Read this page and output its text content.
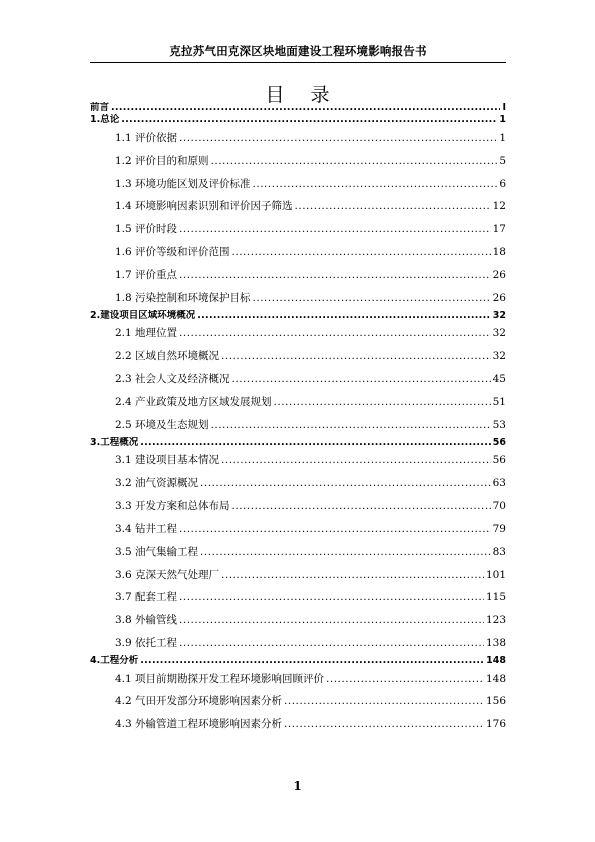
克拉苏气田克深区块地面建设工程环境影响报告书
目录
前言 .....	I
1.总论 .....	1
1.1 评价依据 .....	1
1.2 评价目的和原则 .....	5
1.3 环境功能区划及评价标准 .....	6
1.4 环境影响因素识别和评价因子筛选 .....	12
1.5 评价时段 .....	17
1.6 评价等级和评价范围 .....	18
1.7 评价重点 .....	26
1.8 污染控制和环境保护目标 .....	26
2.建设项目区域环境概况 .....	32
2.1 地理位置 .....	32
2.2 区域自然环境概况 .....	32
2.3 社会人文及经济概况 .....	45
2.4 产业政策及地方区域发展规划 .....	51
2.5 环境及生态规划 .....	53
3.工程概况 .....	56
3.1 建设项目基本情况 .....	56
3.2 油气资源概况 .....	63
3.3 开发方案和总体布局 .....	70
3.4 钻井工程 .....	79
3.5 油气集输工程 .....	83
3.6 克深天然气处理厂 .....	101
3.7 配套工程 .....	115
3.8 外输管线 .....	123
3.9 依托工程 .....	138
4.工程分析 .....	148
4.1 项目前期勘探开发工程环境影响回顾评价 .....	148
4.2 气田开发部分环境影响因素分析 .....	156
4.3 外输管道工程环境影响因素分析 .....	176
1
